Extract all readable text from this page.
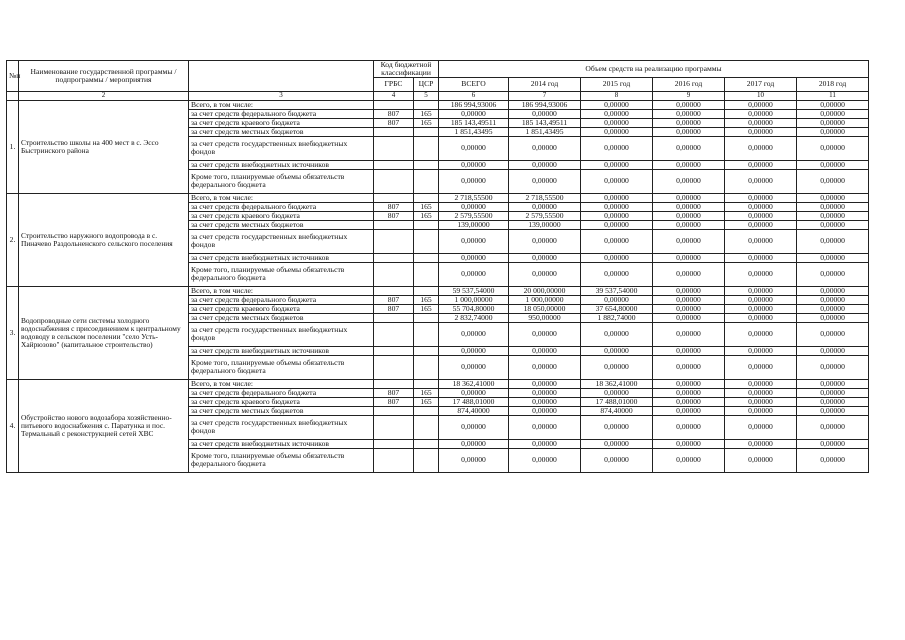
№п	Наименование государственной программы / подпрограммы / мероприятия		Код бюджетной классификации		Объем средств на реализацию программы					
			ГРБС	ЦСР	ВСЕГО	2014 год	2015 год	2016 год	2017 год	2018 год
	2	3	4	5	6	7	8	9	10	11
1.	Строительство школы на 400 мест в с. Эссо Быстринского района	Всего, в том числе:			186 994,93006	186 994,93006	0,00000	0,00000	0,00000	0,00000
		за счет средств федерального бюджета	807	165	0,00000	0,00000	0,00000	0,00000	0,00000	0,00000
		за счет средств краевого бюджета	807	165	185 143,49511	185 143,49511	0,00000	0,00000	0,00000	0,00000
		за счет средств местных бюджетов			1 851,43495	1 851,43495	0,00000	0,00000	0,00000	0,00000
		за счет средств государственных внебюджетных фондов			0,00000	0,00000	0,00000	0,00000	0,00000	0,00000
		за счет средств внебюджетных источников			0,00000	0,00000	0,00000	0,00000	0,00000	0,00000
		Кроме того, планируемые объемы обязательств федерального бюджета			0,00000	0,00000	0,00000	0,00000	0,00000	0,00000
2.	Строительство наружного водопровода в с. Пиначево Раздольненского сельского поселения	Всего, в том числе:			2 718,55500	2 718,55500	0,00000	0,00000	0,00000	0,00000
		за счет средств федерального бюджета	807	165	0,00000	0,00000	0,00000	0,00000	0,00000	0,00000
		за счет средств краевого бюджета	807	165	2 579,55500	2 579,55500	0,00000	0,00000	0,00000	0,00000
		за счет средств местных бюджетов			139,00000	139,00000	0,00000	0,00000	0,00000	0,00000
		за счет средств государственных внебюджетных фондов			0,00000	0,00000	0,00000	0,00000	0,00000	0,00000
		за счет средств внебюджетных источников			0,00000	0,00000	0,00000	0,00000	0,00000	0,00000
		Кроме того, планируемые объемы обязательств федерального бюджета			0,00000	0,00000	0,00000	0,00000	0,00000	0,00000
3.	Водопроводные сети системы холодного водоснабжения с присоединением к центральному водоводу в сельском поселении "село Усть-Хайрюзово" (капитальное строительство)	Всего, в том числе:			59 537,54000	20 000,00000	39 537,54000	0,00000	0,00000	0,00000
		за счет средств федерального бюджета	807	165	1 000,00000	1 000,00000	0,00000	0,00000	0,00000	0,00000
		за счет средств краевого бюджета	807	165	55 704,80000	18 050,00000	37 654,80000	0,00000	0,00000	0,00000
		за счет средств местных бюджетов			2 832,74000	950,00000	1 882,74000	0,00000	0,00000	0,00000
		за счет средств государственных внебюджетных фондов			0,00000	0,00000	0,00000	0,00000	0,00000	0,00000
		за счет средств внебюджетных источников			0,00000	0,00000	0,00000	0,00000	0,00000	0,00000
		Кроме того, планируемые объемы обязательств федерального бюджета			0,00000	0,00000	0,00000	0,00000	0,00000	0,00000
4.	Обустройство нового водозабора хозяйственно-питьевого водоснабжения с. Паратунка и пос. Термальный с реконструкцией сетей ХВС	Всего, в том числе:			18 362,41000	0,00000	18 362,41000	0,00000	0,00000	0,00000
		за счет средств федерального бюджета	807	165	0,00000	0,00000	0,00000	0,00000	0,00000	0,00000
		за счет средств краевого бюджета	807	165	17 488,01000	0,00000	17 488,01000	0,00000	0,00000	0,00000
		за счет средств местных бюджетов			874,40000	0,00000	874,40000	0,00000	0,00000	0,00000
		за счет средств государственных внебюджетных фондов			0,00000	0,00000	0,00000	0,00000	0,00000	0,00000
		за счет средств внебюджетных источников			0,00000	0,00000	0,00000	0,00000	0,00000	0,00000
		Кроме того, планируемые объемы обязательств федерального бюджета			0,00000	0,00000	0,00000	0,00000	0,00000	0,00000
